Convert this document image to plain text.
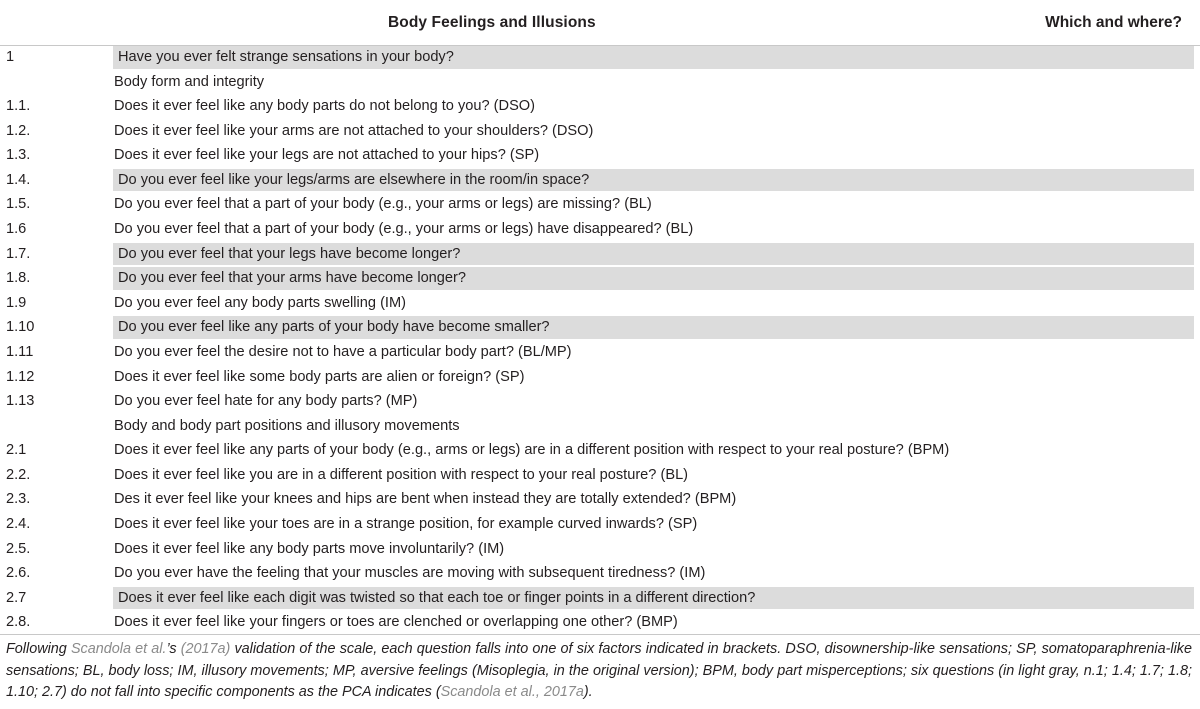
Body Feelings and Illusions	Which and where?
1	Have you ever felt strange sensations in your body?
Body form and integrity
1.1.	Does it ever feel like any body parts do not belong to you? (DSO)
1.2.	Does it ever feel like your arms are not attached to your shoulders? (DSO)
1.3.	Does it ever feel like your legs are not attached to your hips? (SP)
1.4.	Do you ever feel like your legs/arms are elsewhere in the room/in space?
1.5.	Do you ever feel that a part of your body (e.g., your arms or legs) are missing? (BL)
1.6	Do you ever feel that a part of your body (e.g., your arms or legs) have disappeared? (BL)
1.7.	Do you ever feel that your legs have become longer?
1.8.	Do you ever feel that your arms have become longer?
1.9	Do you ever feel any body parts swelling (IM)
1.10	Do you ever feel like any parts of your body have become smaller?
1.11	Do you ever feel the desire not to have a particular body part? (BL/MP)
1.12	Does it ever feel like some body parts are alien or foreign? (SP)
1.13	Do you ever feel hate for any body parts? (MP)
Body and body part positions and illusory movements
2.1	Does it ever feel like any parts of your body (e.g., arms or legs) are in a different position with respect to your real posture? (BPM)
2.2.	Does it ever feel like you are in a different position with respect to your real posture? (BL)
2.3.	Des it ever feel like your knees and hips are bent when instead they are totally extended? (BPM)
2.4.	Does it ever feel like your toes are in a strange position, for example curved inwards? (SP)
2.5.	Does it ever feel like any body parts move involuntarily? (IM)
2.6.	Do you ever have the feeling that your muscles are moving with subsequent tiredness? (IM)
2.7	Does it ever feel like each digit was twisted so that each toe or finger points in a different direction?
2.8.	Does it ever feel like your fingers or toes are clenched or overlapping one other? (BMP)
Following Scandola et al.’s (2017a) validation of the scale, each question falls into one of six factors indicated in brackets. DSO, disownership-like sensations; SP, somatoparaphrenia-like sensations; BL, body loss; IM, illusory movements; MP, aversive feelings (Misoplegia, in the original version); BPM, body part misperceptions; six questions (in light gray, n.1; 1.4; 1.7; 1.8; 1.10; 2.7) do not fall into specific components as the PCA indicates (Scandola et al., 2017a).
